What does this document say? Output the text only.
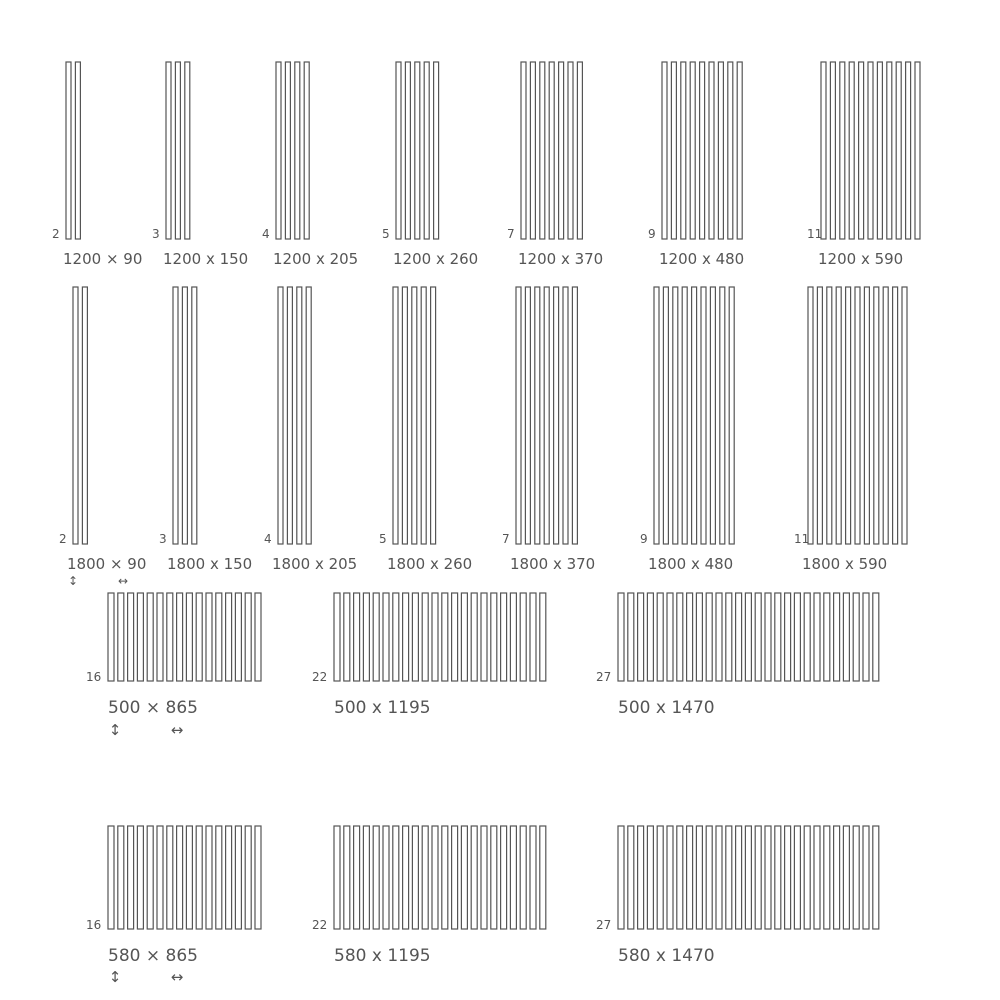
2
1200 × 90
3
1200 x 150
4
1200 x 205
5
1200 x 260
7
1200 x 370
9
1200 x 480
11
1200 x 590
2
1800 × 90
3
1800 x 150
4
1800 x 205
5
1800 x 260
7
1800 x 370
9
1800 x 480
11
1800 x 590
↕	↔
16
500 × 865
22
500 x 1195
27
500 x 1470
↕	↔
16
580 × 865
22
580 x 1195
27
580 x 1470
↕	↔
